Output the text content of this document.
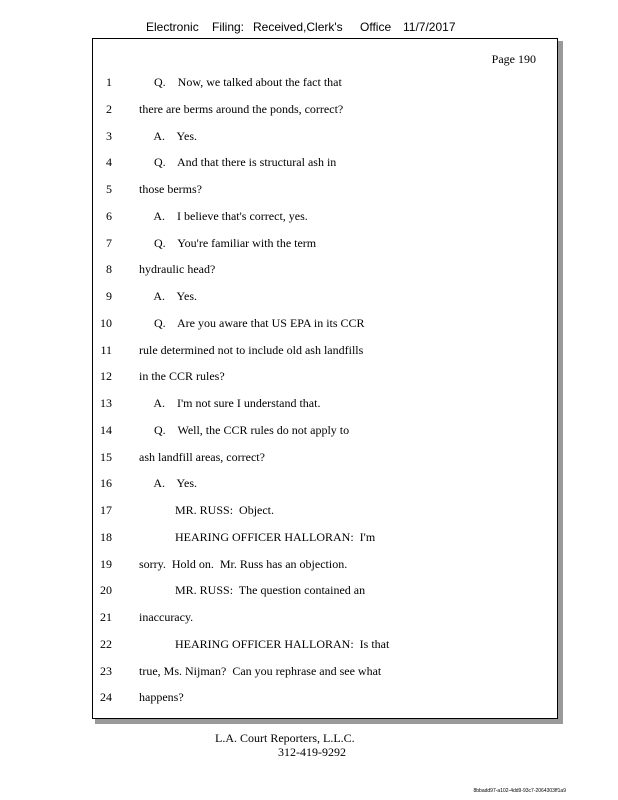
Electronic Filing: Received,Clerk's Office 11/7/2017
Page 190
1 Q.    Now, we talked about the fact that
2 there are berms around the ponds, correct?
3 A.    Yes.
4 Q.    And that there is structural ash in
5 those berms?
6 A.    I believe that's correct, yes.
7 Q.    You're familiar with the term
8 hydraulic head?
9 A.    Yes.
10 Q.    Are you aware that US EPA in its CCR
11 rule determined not to include old ash landfills
12 in the CCR rules?
13 A.    I'm not sure I understand that.
14 Q.    Well, the CCR rules do not apply to
15 ash landfill areas, correct?
16 A.    Yes.
17 MR. RUSS:  Object.
18 HEARING OFFICER HALLORAN:  I'm
19 sorry.  Hold on.  Mr. Russ has an objection.
20 MR. RUSS:  The question contained an
21 inaccuracy.
22 HEARING OFFICER HALLORAN:  Is that
23 true, Ms. Nijman?  Can you rephrase and see what
24 happens?
L.A. Court Reporters, L.L.C.
312-419-9292
8bbadd97-a102-4dd9-93c7-2064303ff1a9
